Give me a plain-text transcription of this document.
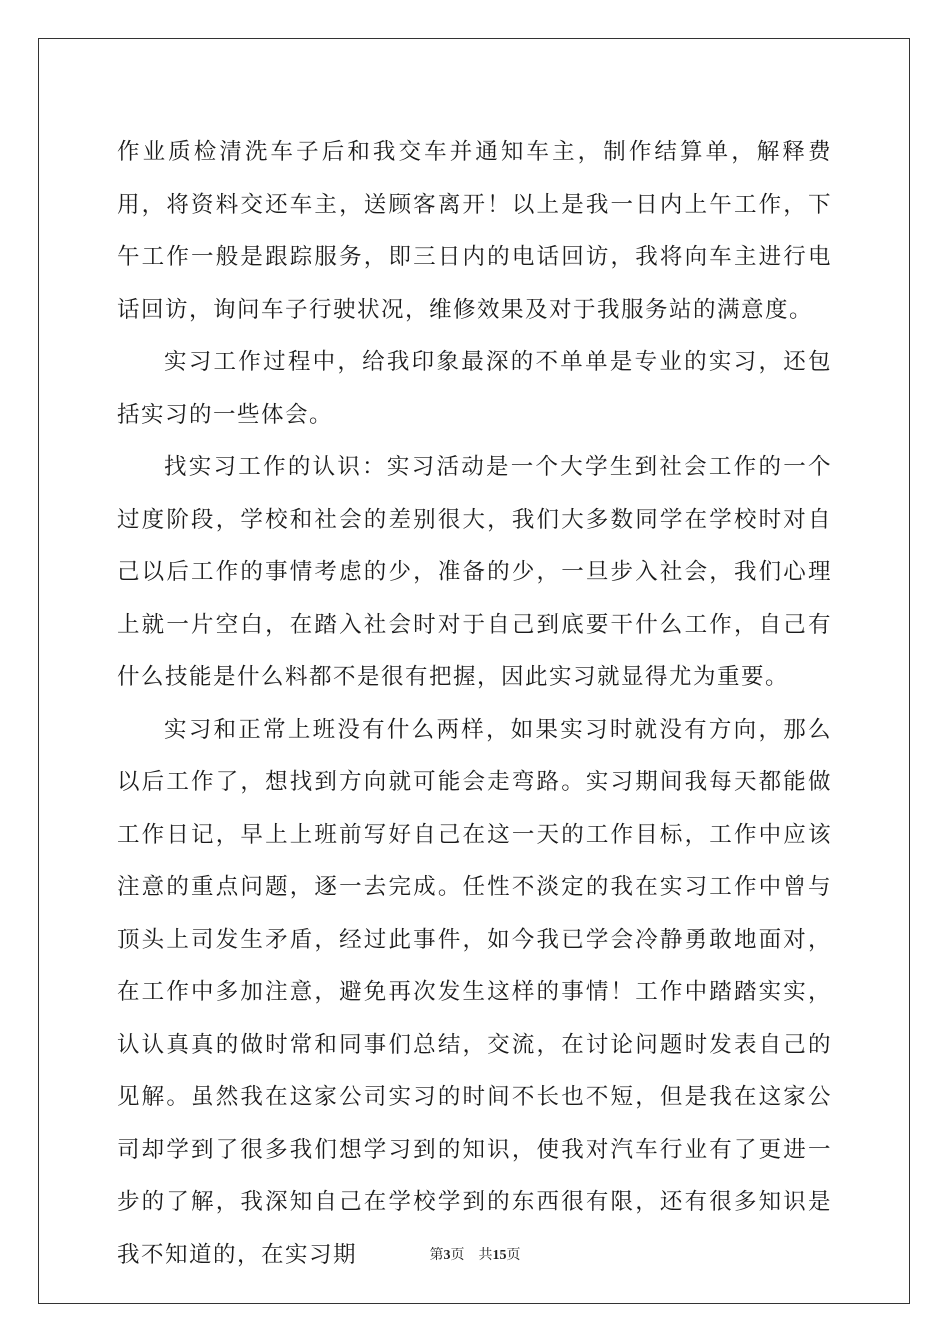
作业质检清洗车子后和我交车并通知车主，制作结算单，解释费用，将资料交还车主，送顾客离开！以上是我一日内上午工作，下午工作一般是跟踪服务，即三日内的电话回访，我将向车主进行电话回访，询问车子行驶状况，维修效果及对于我服务站的满意度。

实习工作过程中，给我印象最深的不单单是专业的实习，还包括实习的一些体会。

找实习工作的认识：实习活动是一个大学生到社会工作的一个过度阶段，学校和社会的差别很大，我们大多数同学在学校时对自己以后工作的事情考虑的少，准备的少，一旦步入社会，我们心理上就一片空白，在踏入社会时对于自己到底要干什么工作，自己有什么技能是什么料都不是很有把握，因此实习就显得尤为重要。

实习和正常上班没有什么两样，如果实习时就没有方向，那么以后工作了，想找到方向就可能会走弯路。实习期间我每天都能做工作日记，早上上班前写好自己在这一天的工作目标，工作中应该注意的重点问题，逐一去完成。任性不淡定的我在实习工作中曾与顶头上司发生矛盾，经过此事件，如今我已学会冷静勇敢地面对，在工作中多加注意，避免再次发生这样的事情！工作中踏踏实实，认认真真的做时常和同事们总结，交流，在讨论问题时发表自己的见解。虽然我在这家公司实习的时间不长也不短，但是我在这家公司却学到了很多我们想学习到的知识，使我对汽车行业有了更进一步的了解，我深知自己在学校学到的东西很有限，还有很多知识是我不知道的，在实习期	第3页 共15页
